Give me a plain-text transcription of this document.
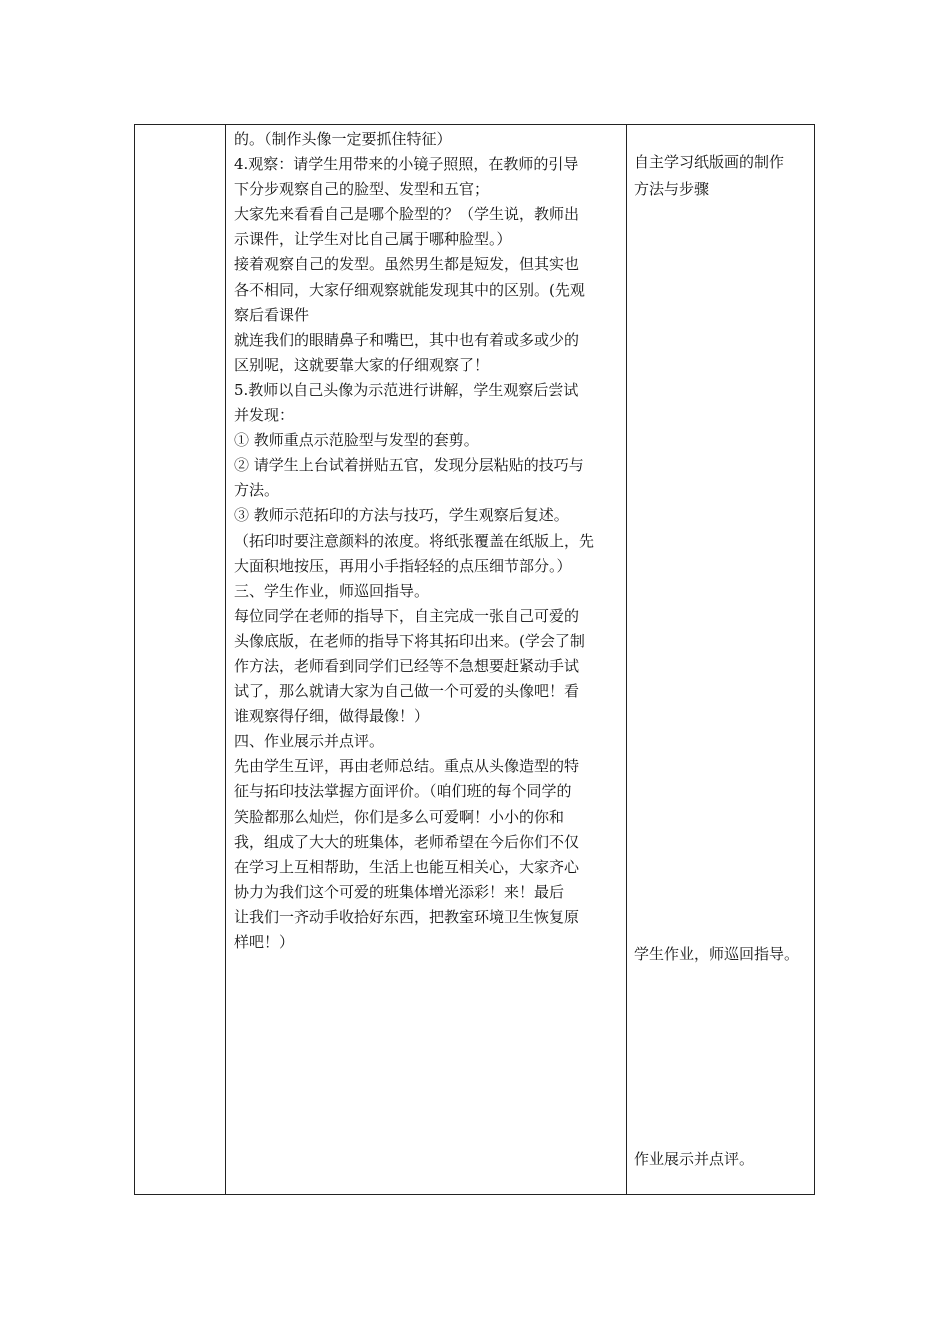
的。（制作头像一定要抓住特征）

4.观察：请学生用带来的小镜子照照，在教师的引导

下分步观察自己的脸型、发型和五官；

大家先来看看自己是哪个脸型的？（学生说，教师出

示课件，让学生对比自己属于哪种脸型。）

接着观察自己的发型。虽然男生都是短发，但其实也

各不相同，大家仔细观察就能发现其中的区别。(先观

察后看课件

就连我们的眼睛鼻子和嘴巴，其中也有着或多或少的

区别呢，这就要靠大家的仔细观察了！

5.教师以自己头像为示范进行讲解，学生观察后尝试

并发现：

① 教师重点示范脸型与发型的套剪。

② 请学生上台试着拼贴五官，发现分层粘贴的技巧与

方法。

③ 教师示范拓印的方法与技巧，学生观察后复述。

（拓印时要注意颜料的浓度。将纸张覆盖在纸版上，先

大面积地按压，再用小手指轻轻的点压细节部分。）

三、学生作业，师巡回指导。

每位同学在老师的指导下，自主完成一张自己可爱的

头像底版，在老师的指导下将其拓印出来。(学会了制

作方法，老师看到同学们已经等不急想要赶紧动手试

试了，那么就请大家为自己做一个可爱的头像吧！看

谁观察得仔细，做得最像！）

四、作业展示并点评。

先由学生互评，再由老师总结。重点从头像造型的特

征与拓印技法掌握方面评价。（咱们班的每个同学的

笑脸都那么灿烂，你们是多么可爱啊！小小的你和

我，组成了大大的班集体，老师希望在今后你们不仅

在学习上互相帮助，生活上也能互相关心，大家齐心

协力为我们这个可爱的班集体增光添彩！来！最后

让我们一齐动手收拾好东西，把教室环境卫生恢复原

样吧！）

自主学习纸版画的制作

方法与步骤

学生作业，师巡回指导。

作业展示并点评。
